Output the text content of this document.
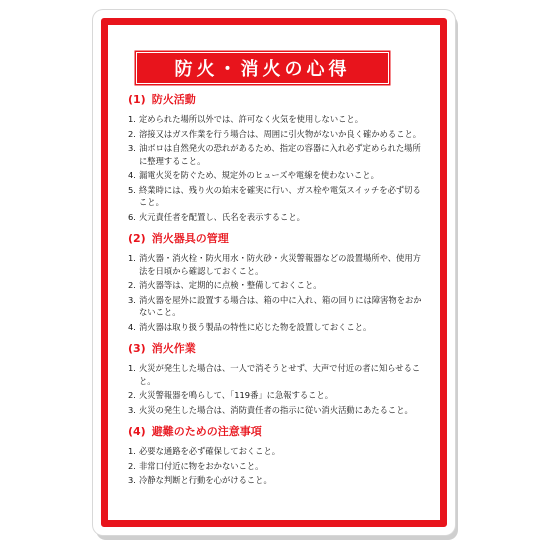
防火・消火の心得
(1) 防火活動
1. 定められた場所以外では、許可なく火気を使用しないこと。
2. 溶接又はガス作業を行う場合は、周囲に引火物がないか良く確かめること。
3. 油ボロは自然発火の恐れがあるため、指定の容器に入れ必ず定められた場所に整理すること。
4. 漏電火災を防ぐため、規定外のヒューズや電線を使わないこと。
5. 終業時には、残り火の始末を確実に行い、ガス栓や電気スイッチを必ず切ること。
6. 火元責任者を配置し、氏名を表示すること。
(2) 消火器具の管理
1. 消火器・消火栓・防火用水・防火砂・火災警報器などの設置場所や、使用方法を日頃から確認しておくこと。
2. 消火器等は、定期的に点検・整備しておくこと。
3. 消火器を屋外に設置する場合は、箱の中に入れ、箱の回りには障害物をおかないこと。
4. 消火器は取り扱う製品の特性に応じた物を設置しておくこと。
(3) 消火作業
1. 火災が発生した場合は、一人で消そうとせず、大声で付近の者に知らせること。
2. 火災警報器を鳴らして、「119番」に急報すること。
3. 火災の発生した場合は、消防責任者の指示に従い消火活動にあたること。
(4) 避難のための注意事項
1. 必要な通路を必ず確保しておくこと。
2. 非常口付近に物をおかないこと。
3. 冷静な判断と行動を心がけること。
